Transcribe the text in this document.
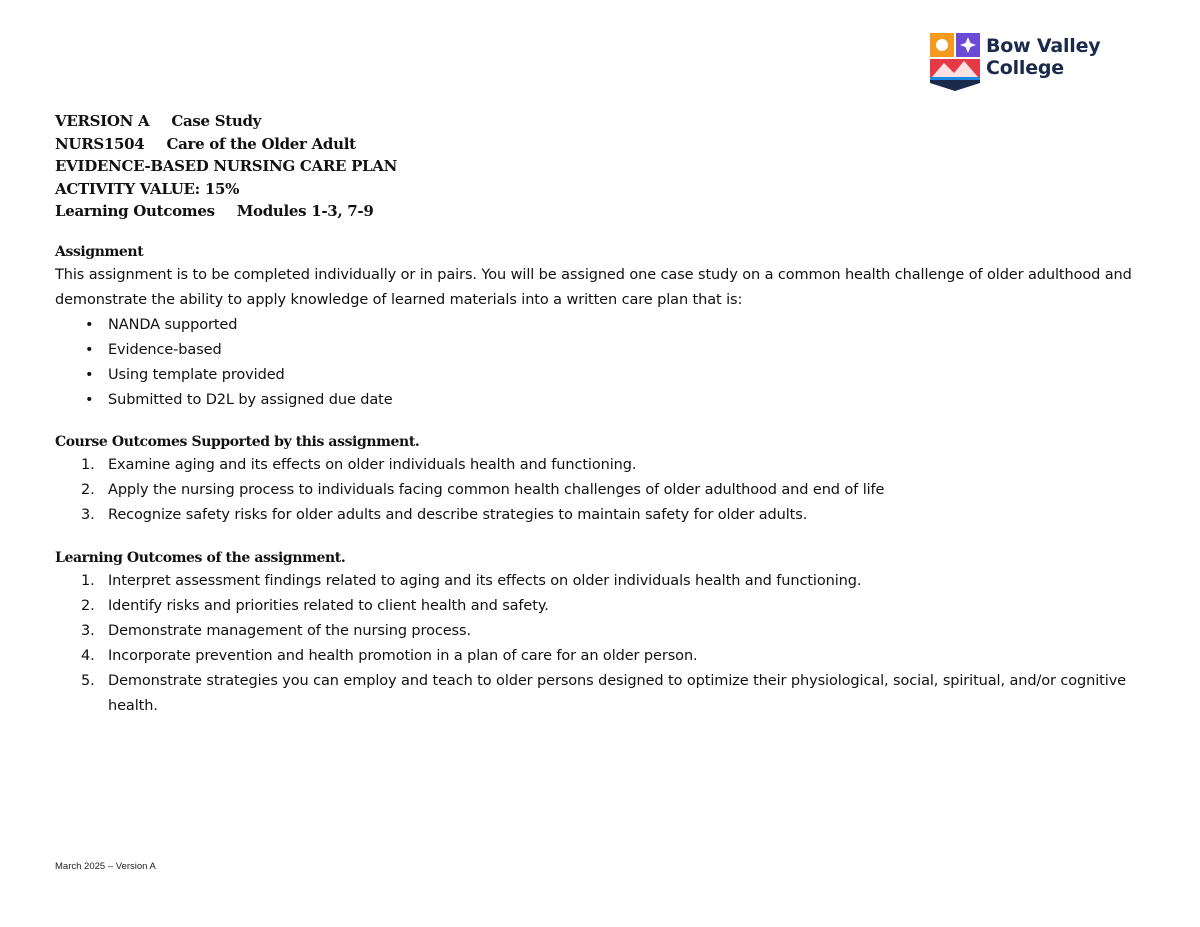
Bow Valley
College
VERSION A Case Study
NURS1504 Care of the Older Adult
EVIDENCE-BASED NURSING CARE PLAN
ACTIVITY VALUE: 15%
Learning Outcomes Modules 1-3, 7-9
Assignment
This assignment is to be completed individually or in pairs. You will be assigned one case study on a common health challenge of older adulthood and demonstrate the ability to apply knowledge of learned materials into a written care plan that is:
• NANDA supported
• Evidence-based
• Using template provided
• Submitted to D2L by assigned due date
Course Outcomes Supported by this assignment.
1. Examine aging and its effects on older individuals health and functioning.
2. Apply the nursing process to individuals facing common health challenges of older adulthood and end of life
3. Recognize safety risks for older adults and describe strategies to maintain safety for older adults.
Learning Outcomes of the assignment.
1. Interpret assessment findings related to aging and its effects on older individuals health and functioning.
2. Identify risks and priorities related to client health and safety.
3. Demonstrate management of the nursing process.
4. Incorporate prevention and health promotion in a plan of care for an older person.
5. Demonstrate strategies you can employ and teach to older persons designed to optimize their physiological, social, spiritual, and/or cognitive health.
March 2025 – Version A
